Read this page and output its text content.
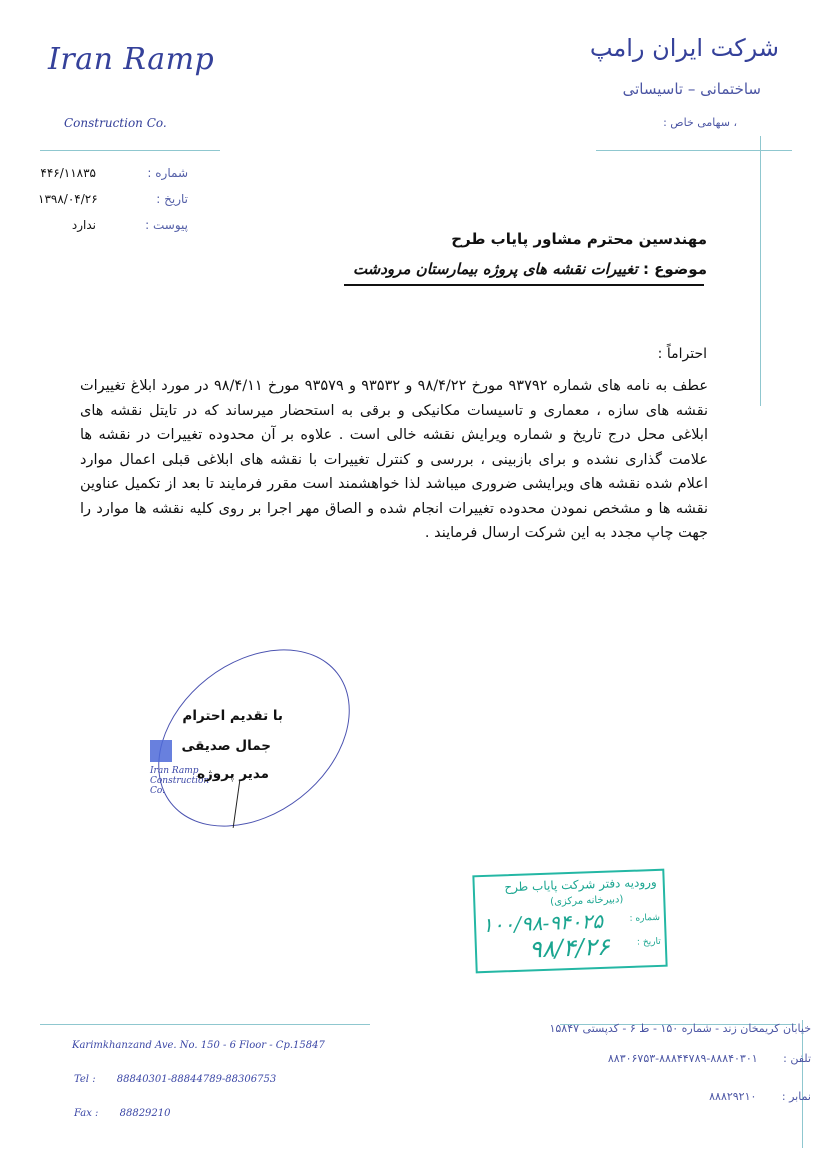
Iran Ramp
Construction Co.
شرکت ایران رامپ
ساختمانی – تاسیساتی
، سهامی خاص :
شماره :
۴۴۶/۱۱۸۳۵
تاریخ :
۱۳۹۸/۰۴/۲۶
پیوست :
ندارد
مهندسین محترم مشاور پایاب طرح
موضوع : تغییرات نقشه های پروژه بیمارستان مرودشت
احتراماً :
عطف به نامه های شماره ۹۳۷۹۲ مورخ ۹۸/۴/۲۲ و ۹۳۵۳۲ و ۹۳۵۷۹ مورخ ۹۸/۴/۱۱ در مورد ابلاغ تغییرات نقشه های سازه ، معماری و تاسیسات مکانیکی و برقی به استحضار میرساند که در تایتل نقشه های ابلاغی محل درج تاریخ و شماره ویرایش نقشه خالی است . علاوه بر آن محدوده تغییرات در نقشه ها علامت گذاری نشده و برای بازبینی ، بررسی و کنترل تغییرات با نقشه های ابلاغی قبلی اعمال موارد اعلام شده نقشه های ویرایشی ضروری میباشد لذا خواهشمند است مقرر فرمایند تا بعد از تکمیل عناوین نقشه ها و مشخص نمودن محدوده تغییرات انجام شده و الصاق مهر اجرا بر روی کلیه نقشه ها موارد را جهت چاپ مجدد به این شرکت ارسال فرمایند .
Iran Ramp Construction Co.
با تقدیم احترام
جمال صدیقی
مدیر پروژه
ورودیه دفتر شرکت پایاب طرح
(دبیرخانه مرکزی)
شماره :
تاریخ :
۱۰۰/۹۸-۹۴۰۲۵
۹۸/۴/۲۶
Karimkhanzand Ave. No. 150 - 6 Floor - Cp.15847
Tel : 88840301-88844789-88306753
Fax : 88829210
خیابان کریمخان زند - شماره ۱۵۰ - ط ۶ - کدپستی ۱۵۸۴۷
تلفن : ۸۸۸۴۰۳۰۱-۸۸۸۴۴۷۸۹-۸۸۳۰۶۷۵۳
نمابر : ۸۸۸۲۹۲۱۰
